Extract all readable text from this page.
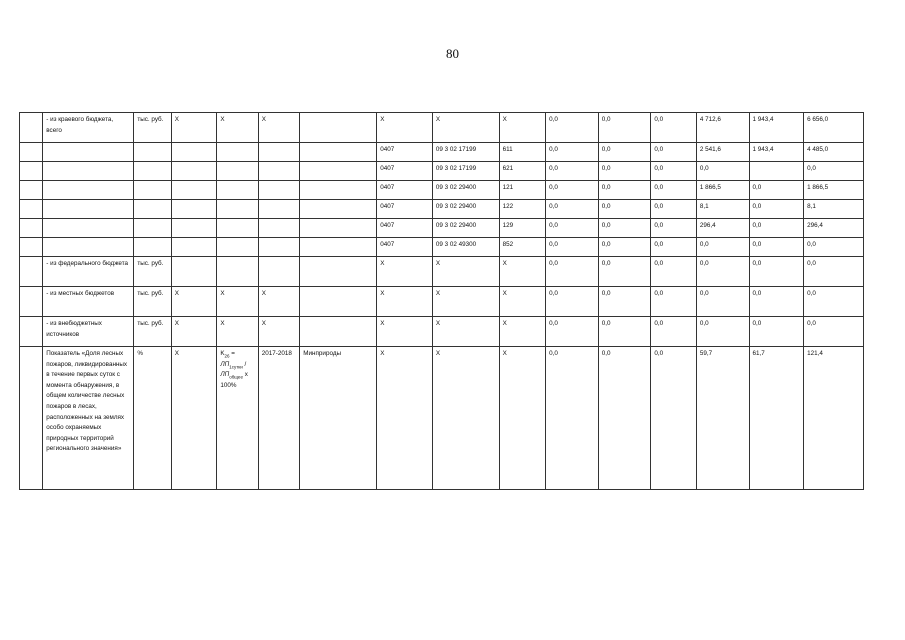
80
	- из краевого бюджета, всего	тыс. руб.	Х	Х	Х		Х	Х	Х	0,0	0,0	0,0	4 712,6	1 943,4	6 656,0
							0407	09 3 02 17199	611	0,0	0,0	0,0	2 541,6	1 943,4	4 485,0
							0407	09 3 02 17199	621	0,0	0,0	0,0	0,0		0,0
							0407	09 3 02 29400	121	0,0	0,0	0,0	1 866,5	0,0	1 866,5
							0407	09 3 02 29400	122	0,0	0,0	0,0	8,1	0,0	8,1
							0407	09 3 02 29400	129	0,0	0,0	0,0	296,4	0,0	296,4
							0407	09 3 02 49300	852	0,0	0,0	0,0	0,0	0,0	0,0
	- из федерального бюджета	тыс. руб.					Х	Х	Х	0,0	0,0	0,0	0,0	0,0	0,0
	- из местных бюджетов	тыс. руб.	Х	Х	Х		Х	Х	Х	0,0	0,0	0,0	0,0	0,0	0,0
	- из внебюджетных источников	тыс. руб.	Х	Х	Х		Х	Х	Х	0,0	0,0	0,0	0,0	0,0	0,0
	Показатель «Доля лесных пожаров, ликвидированных в течение первых суток с момента обнаружения, в общем количестве лесных пожаров в лесах, расположенных на землях особо охраняемых природных территорий регионального значения»	%	Х	$K_{26} = ЛП_{1сутки} / ЛП_{общее}$ x 100%	2017-2018	Минприроды	Х	Х	Х	0,0	0,0	0,0	59,7	61,7	121,4
